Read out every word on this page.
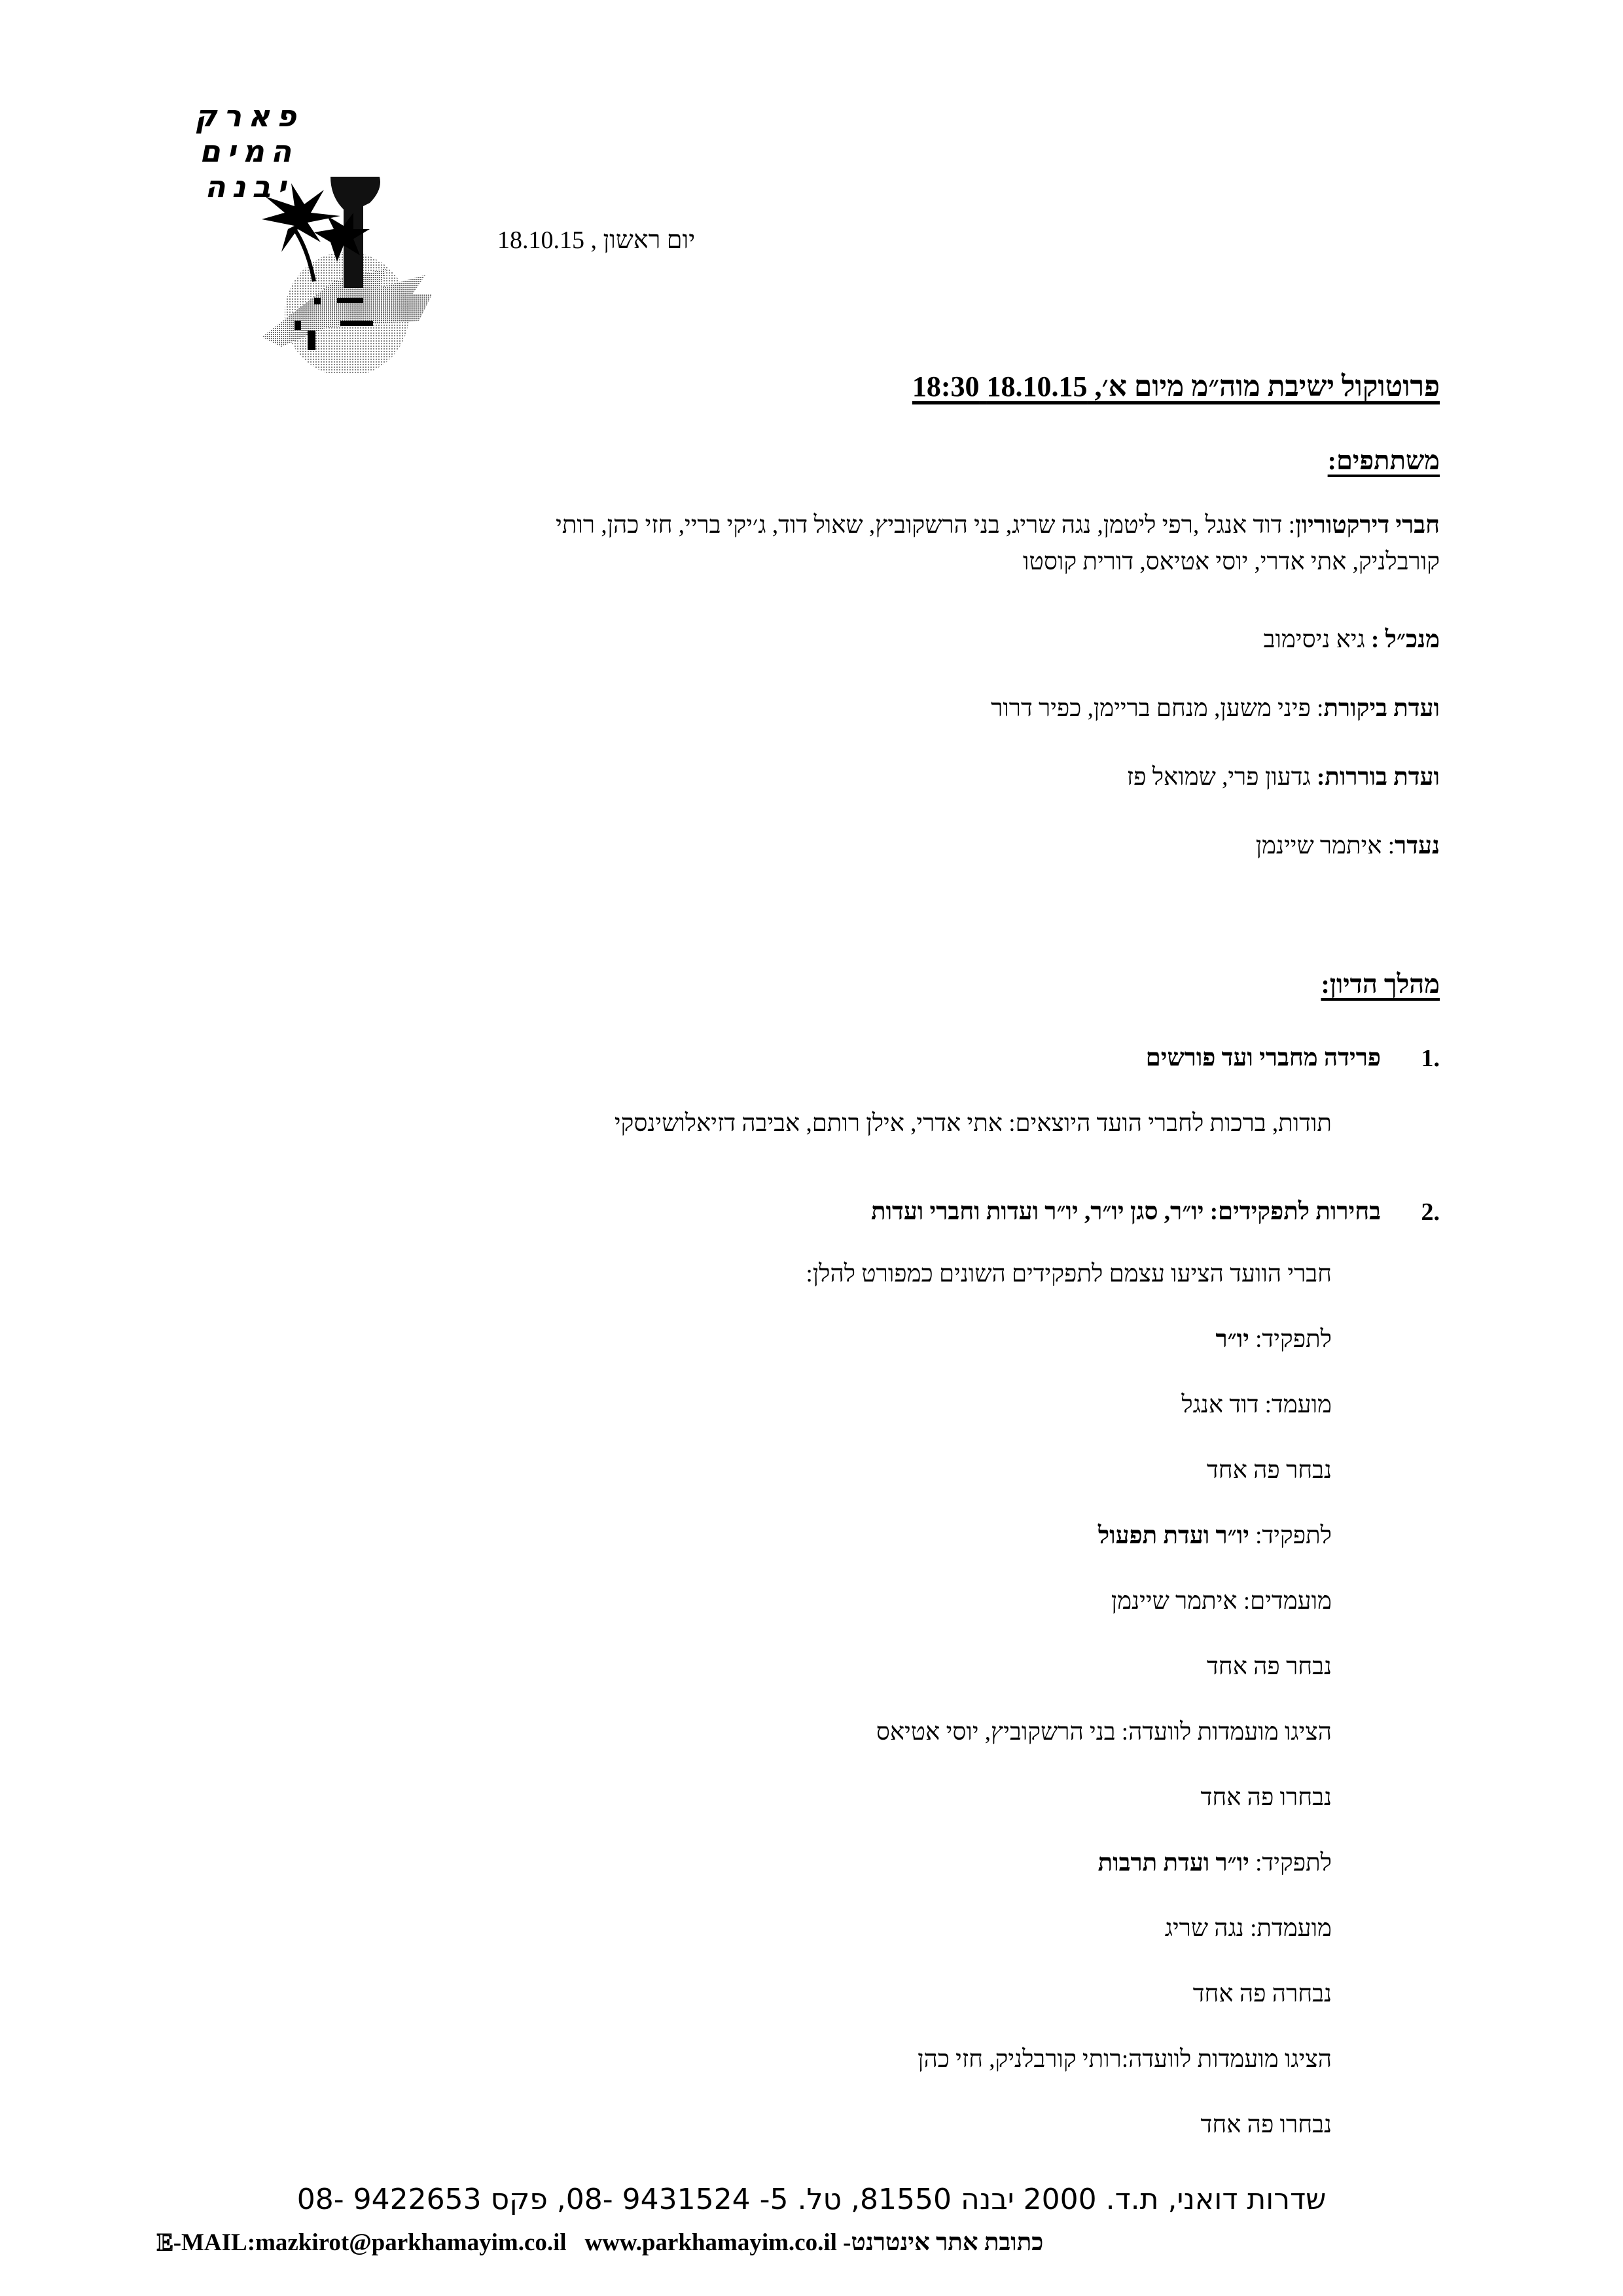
פארק המים יבנה
יום ראשון , 18.10.15
פרוטוקול ישיבת מוה״מ מיום א׳, 18.10.15 18:30
משתתפים:
חברי דירקטוריון: דוד אנגל ,רפי ליטמן, נגה שריג, בני הרשקוביץ, שאול דוד, ג׳יקי בריי, חזי כהן, רותי
קורבלניק, אתי אדרי, יוסי אטיאס, דורית קוסטו
מנכ״ל : גיא ניסימוב
ועדת ביקורת: פיני משען, מנחם בריימן, כפיר דרור
ועדת בוררות: גדעון פרי, שמואל פז
נעדר: איתמר שיינמן
מהלך הדיון:
1.
פרידה מחברי ועד פורשים
תודות, ברכות לחברי הועד היוצאים: אתי אדרי, אילן רותם, אביבה דזיאלושינסקי
2.
בחירות לתפקידים: יו״ר, סגן יו״ר, יו״ר ועדות וחברי ועדות
חברי הוועד הציעו עצמם לתפקידים השונים כמפורט להלן:
לתפקיד: יו״ר
מועמד: דוד אנגל
נבחר פה אחד
לתפקיד: יו״ר ועדת תפעול
מועמדים: איתמר שיינמן
נבחר פה אחד
הציגו מועמדות לוועדה: בני הרשקוביץ, יוסי אטיאס
נבחרו פה אחד
לתפקיד: יו״ר ועדת תרבות
מועמדת: נגה שריג
נבחרה פה אחד
הציגו מועמדות לוועדה:רותי קורבלניק, חזי כהן
נבחרו פה אחד
שדרות דואני, ת.ד. 2000 יבנה 81550, טל. 5- 9431524 -08, פקס 9422653 -08
E-MAIL:mazkirot@parkhamayim.co.il www.parkhamayim.co.il כתובת אתר אינטרנט-
